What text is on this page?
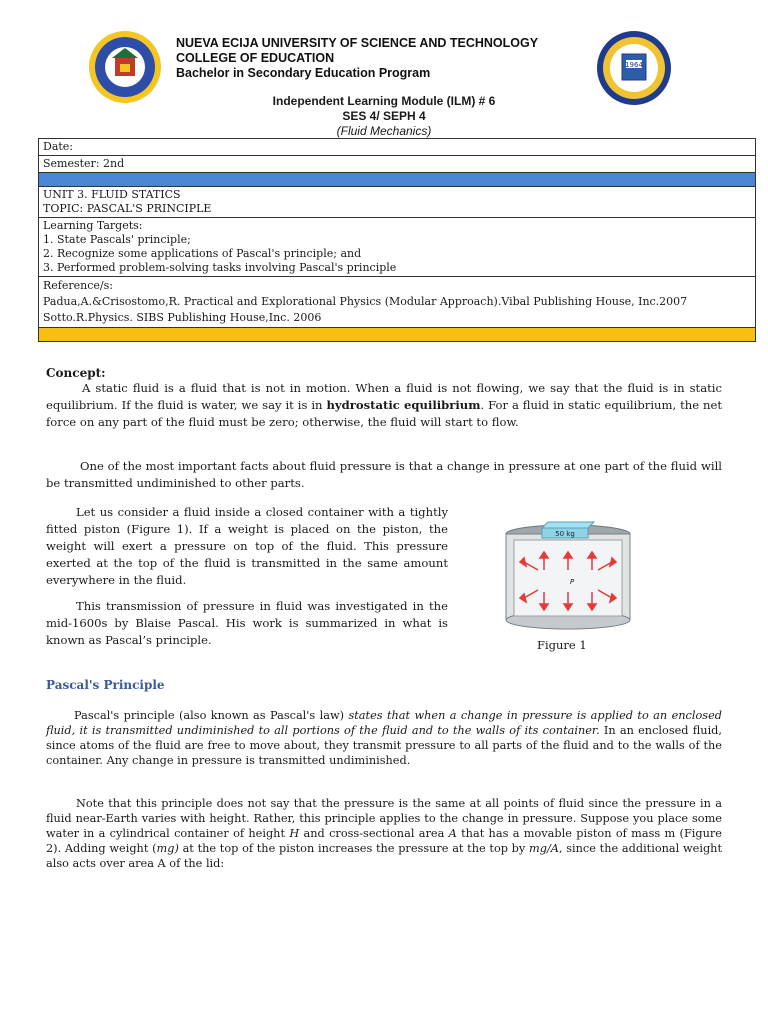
NUEVA ECIJA UNIVERSITY OF SCIENCE AND TECHNOLOGY
COLLEGE OF EDUCATION
Bachelor in Secondary Education Program
1964
Independent Learning Module (ILM) # 6
SES 4/ SEPH 4
(Fluid Mechanics)
Date:
Semester: 2nd

UNIT 3. FLUID STATICS
TOPIC: PASCAL'S PRINCIPLE

Learning Targets:
1. State Pascals' principle;
2. Recognize some applications of Pascal's principle; and
3. Performed problem-solving tasks involving Pascal's principle

Reference/s:
Padua,A.&Crisostomo,R. Practical and Explorational Physics (Modular Approach).Vibal Publishing House, Inc.2007
Sotto.R.Physics. SIBS Publishing House,Inc. 2006

Concept:
A static fluid is a fluid that is not in motion. When a fluid is not flowing, we say that the fluid is in static equilibrium. If the fluid is water, we say it is in hydrostatic equilibrium. For a fluid in static equilibrium, the net force on any part of the fluid must be zero; otherwise, the fluid will start to flow.
One of the most important facts about fluid pressure is that a change in pressure at one part of the fluid will be transmitted undiminished to other parts.
Let us consider a fluid inside a closed container with a tightly fitted piston (Figure 1). If a weight is placed on the piston, the weight will exert a pressure on top of the fluid. This pressure exerted at the top of the fluid is transmitted in the same amount everywhere in the fluid.
This transmission of pressure in fluid was investigated in the mid-1600s by Blaise Pascal. His work is summarized in what is known as Pascal’s principle.
50 kg
P
Figure 1
Pascal's Principle
Pascal's principle (also known as Pascal's law) states that when a change in pressure is applied to an enclosed fluid, it is transmitted undiminished to all portions of the fluid and to the walls of its container. In an enclosed fluid, since atoms of the fluid are free to move about, they transmit pressure to all parts of the fluid and to the walls of the container. Any change in pressure is transmitted undiminished.
Note that this principle does not say that the pressure is the same at all points of fluid since the pressure in a fluid near-Earth varies with height. Rather, this principle applies to the change in pressure. Suppose you place some water in a cylindrical container of height H and cross-sectional area A that has a movable piston of mass m (Figure 2). Adding weight (mg) at the top of the piston increases the pressure at the top by mg/A, since the additional weight also acts over area A of the lid:
